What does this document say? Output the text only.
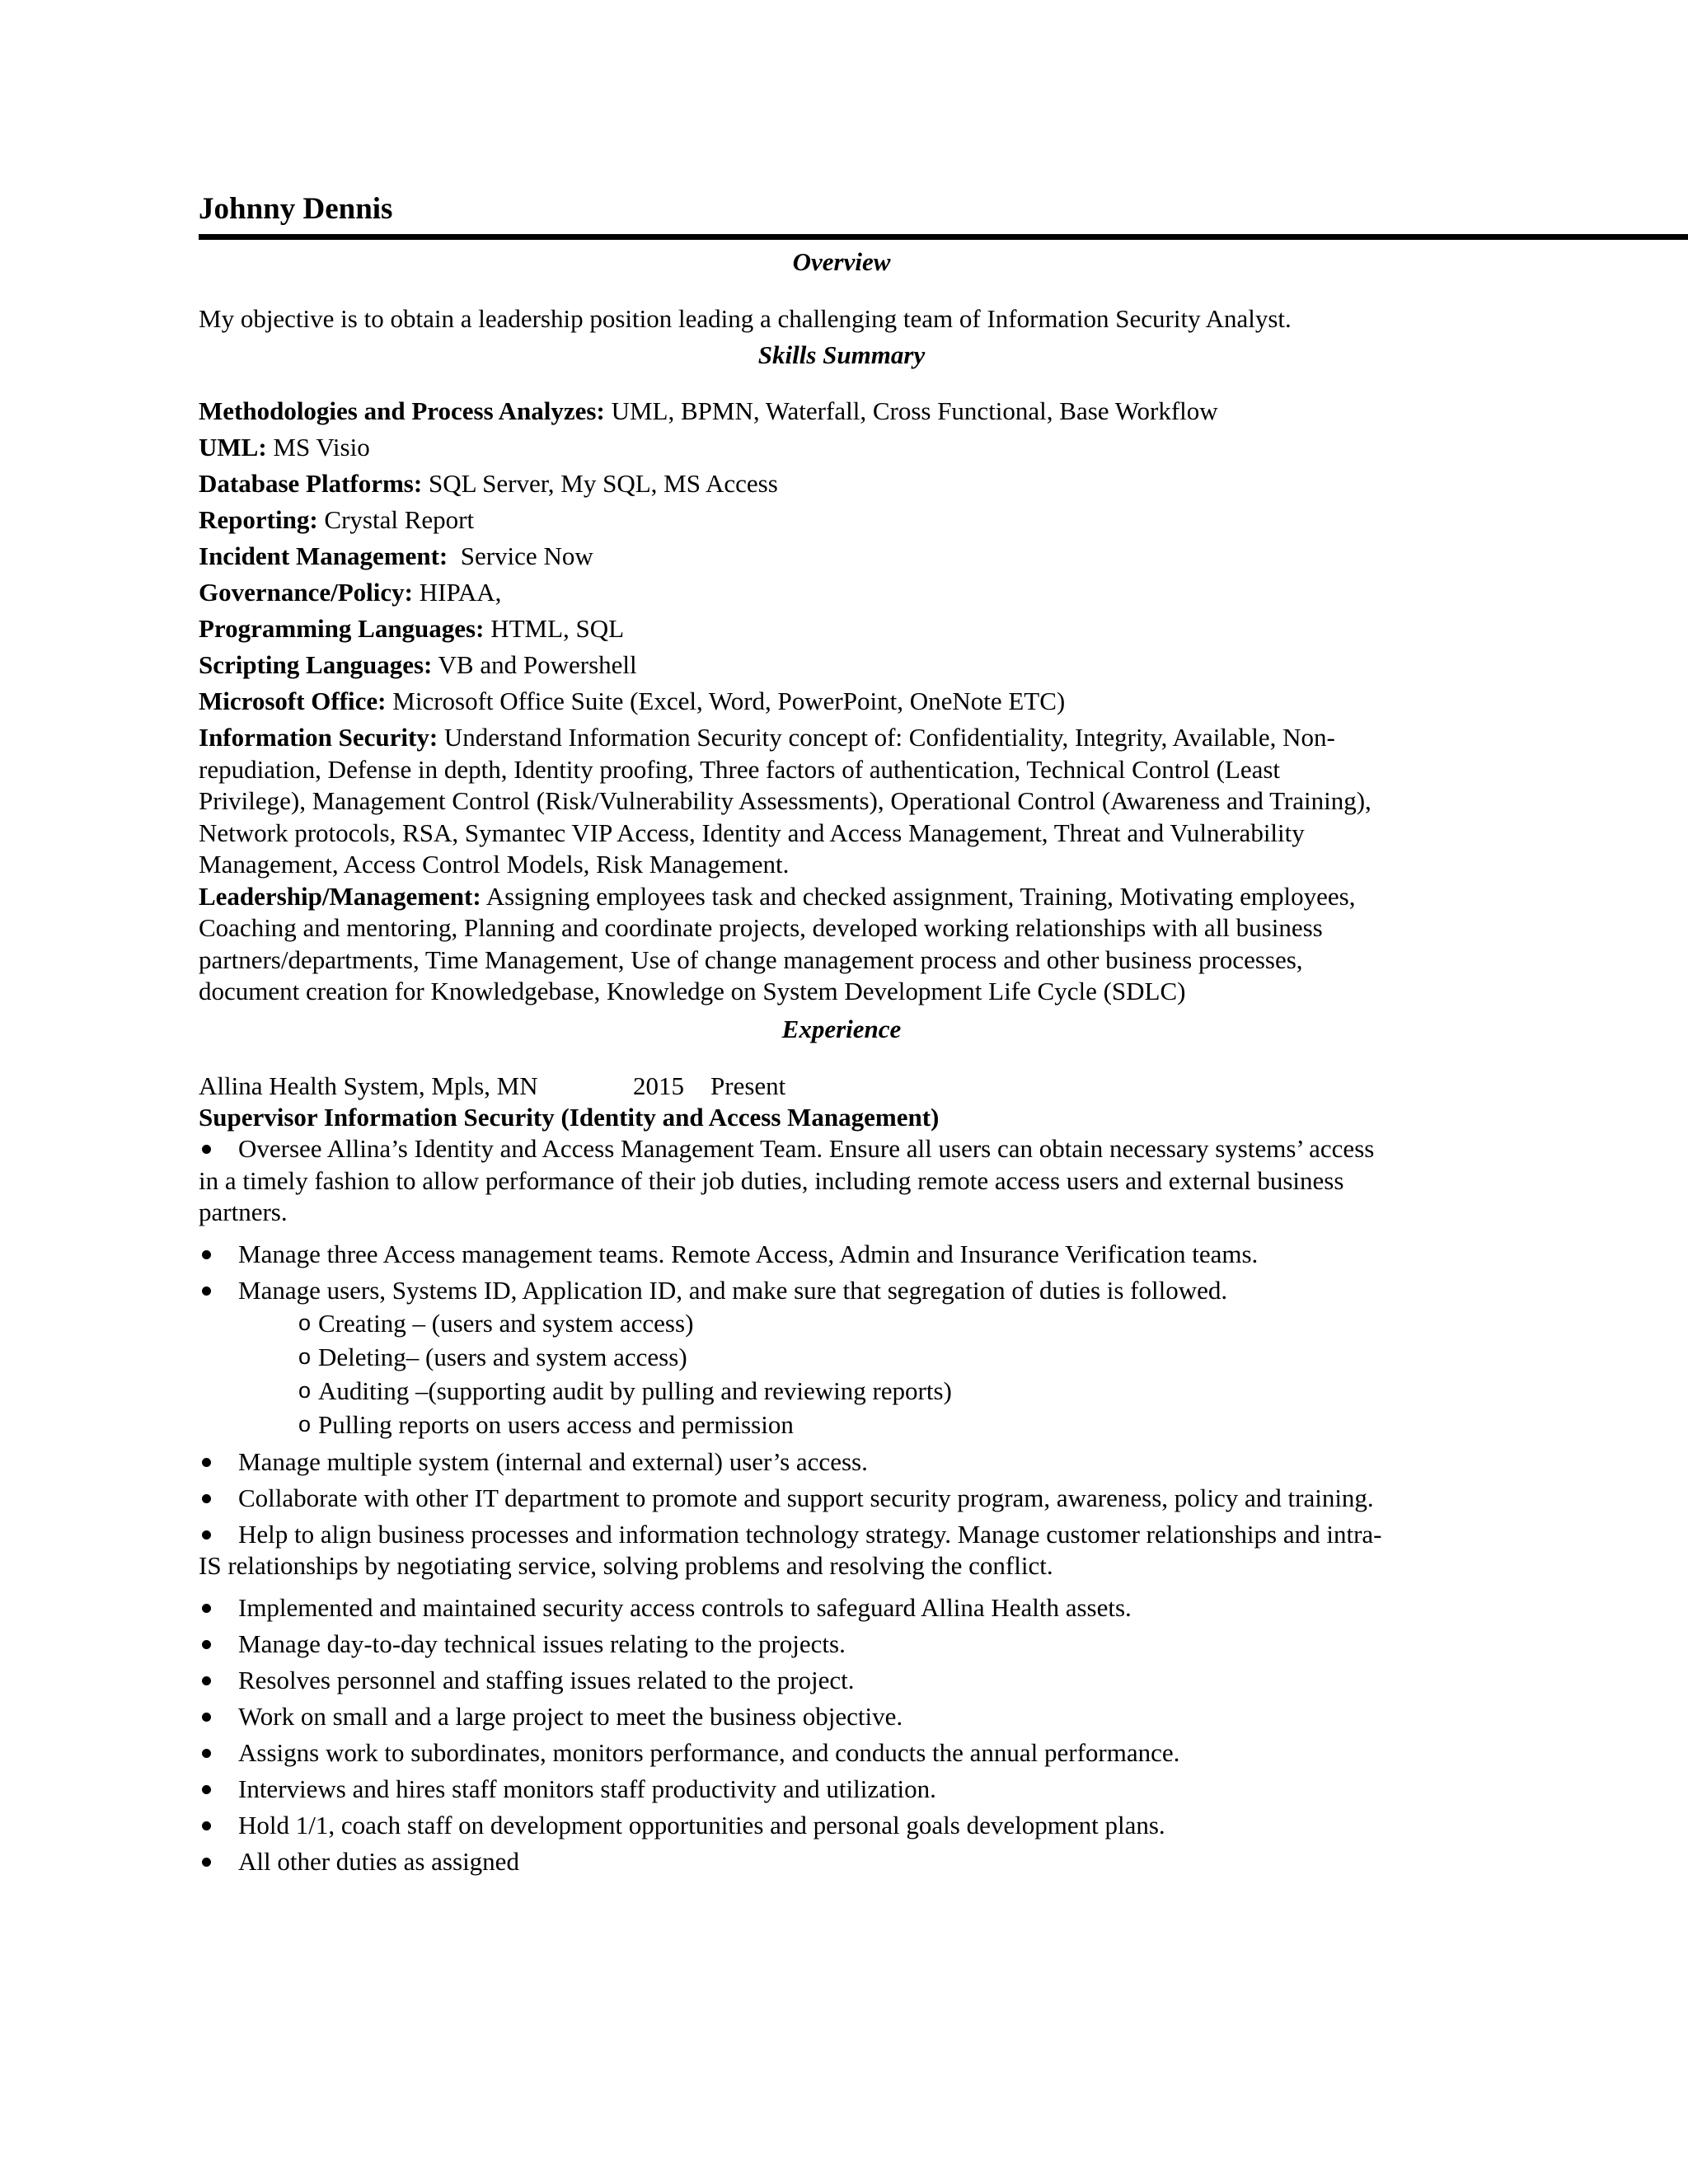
Johnny Dennis
Overview
My objective is to obtain a leadership position leading a challenging team of Information Security Analyst.
Skills Summary
Methodologies and Process Analyzes: UML, BPMN, Waterfall, Cross Functional, Base Workflow
UML: MS Visio
Database Platforms: SQL Server, My SQL, MS Access
Reporting: Crystal Report
Incident Management:  Service Now
Governance/Policy: HIPAA,
Programming Languages: HTML, SQL
Scripting Languages: VB and Powershell
Microsoft Office: Microsoft Office Suite (Excel, Word, PowerPoint, OneNote ETC)
Information Security: Understand Information Security concept of: Confidentiality, Integrity, Available, Non-
repudiation, Defense in depth, Identity proofing, Three factors of authentication, Technical Control (Least
Privilege), Management Control (Risk/Vulnerability Assessments), Operational Control (Awareness and Training),
Network protocols, RSA, Symantec VIP Access, Identity and Access Management, Threat and Vulnerability
Management, Access Control Models, Risk Management.
Leadership/Management: Assigning employees task and checked assignment, Training, Motivating employees,
Coaching and mentoring, Planning and coordinate projects, developed working relationships with all business
partners/departments, Time Management, Use of change management process and other business processes,
document creation for Knowledgebase, Knowledge on System Development Life Cycle (SDLC)
Experience
Allina Health System, Mpls, MN	2015 Present
Supervisor Information Security (Identity and Access Management)
Oversee Allina’s Identity and Access Management Team. Ensure all users can obtain necessary systems’ access
in a timely fashion to allow performance of their job duties, including remote access users and external business
partners.
Manage three Access management teams. Remote Access, Admin and Insurance Verification teams.
Manage users, Systems ID, Application ID, and make sure that segregation of duties is followed.
o Creating – (users and system access)
o Deleting– (users and system access)
o Auditing –(supporting audit by pulling and reviewing reports)
o Pulling reports on users access and permission
Manage multiple system (internal and external) user’s access.
Collaborate with other IT department to promote and support security program, awareness, policy and training.
Help to align business processes and information technology strategy. Manage customer relationships and intra-
IS relationships by negotiating service, solving problems and resolving the conflict.
Implemented and maintained security access controls to safeguard Allina Health assets.
Manage day-to-day technical issues relating to the projects.
Resolves personnel and staffing issues related to the project.
Work on small and a large project to meet the business objective.
Assigns work to subordinates, monitors performance, and conducts the annual performance.
Interviews and hires staff monitors staff productivity and utilization.
Hold 1/1, coach staff on development opportunities and personal goals development plans.
All other duties as assigned
